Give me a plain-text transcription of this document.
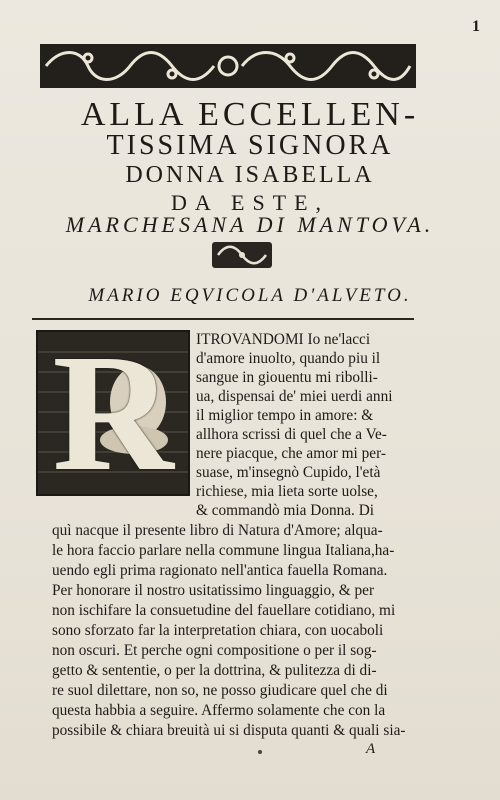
1
ALLA ECCELLEN-
TISSIMA SIGNORA
DONNA ISABELLA
DA ESTE,
MARCHESANA DI MANTOVA.
MARIO EQVICOLA D'ALVETO.
R	ITROVANDOMI Io ne'lacci
d'amore inuolto, quando piu il
sangue in giouentu mi ribolli-
ua, dispensai de' miei uerdi anni
il miglior tempo in amore: &
allhora scrissi di quel che a Ve-
nere piacque, che amor mi per-
suase, m'insegnò Cupido, l'età
richiese, mia lieta sorte uolse,
& commandò mia Donna. Di
quì nacque il presente libro di Natura d'Amore; alqua-
le hora faccio parlare nella commune lingua Italiana,ha-
uendo egli prima ragionato nell'antica fauella Romana.
Per honorare il nostro usitatissimo linguaggio, & per
non ischifare la consuetudine del fauellare cotidiano, mi
sono sforzato far la interpretation chiara, con uocaboli
non oscuri. Et perche ogni compositione o per il sog-
getto & sententie, o per la dottrina, & pulitezza di di-
re suol dilettare, non so, ne posso giudicare quel che di
questa habbia a seguire. Affermo solamente che con la
possibile & chiara breuità ui si disputa quanti & quali sia-
A
